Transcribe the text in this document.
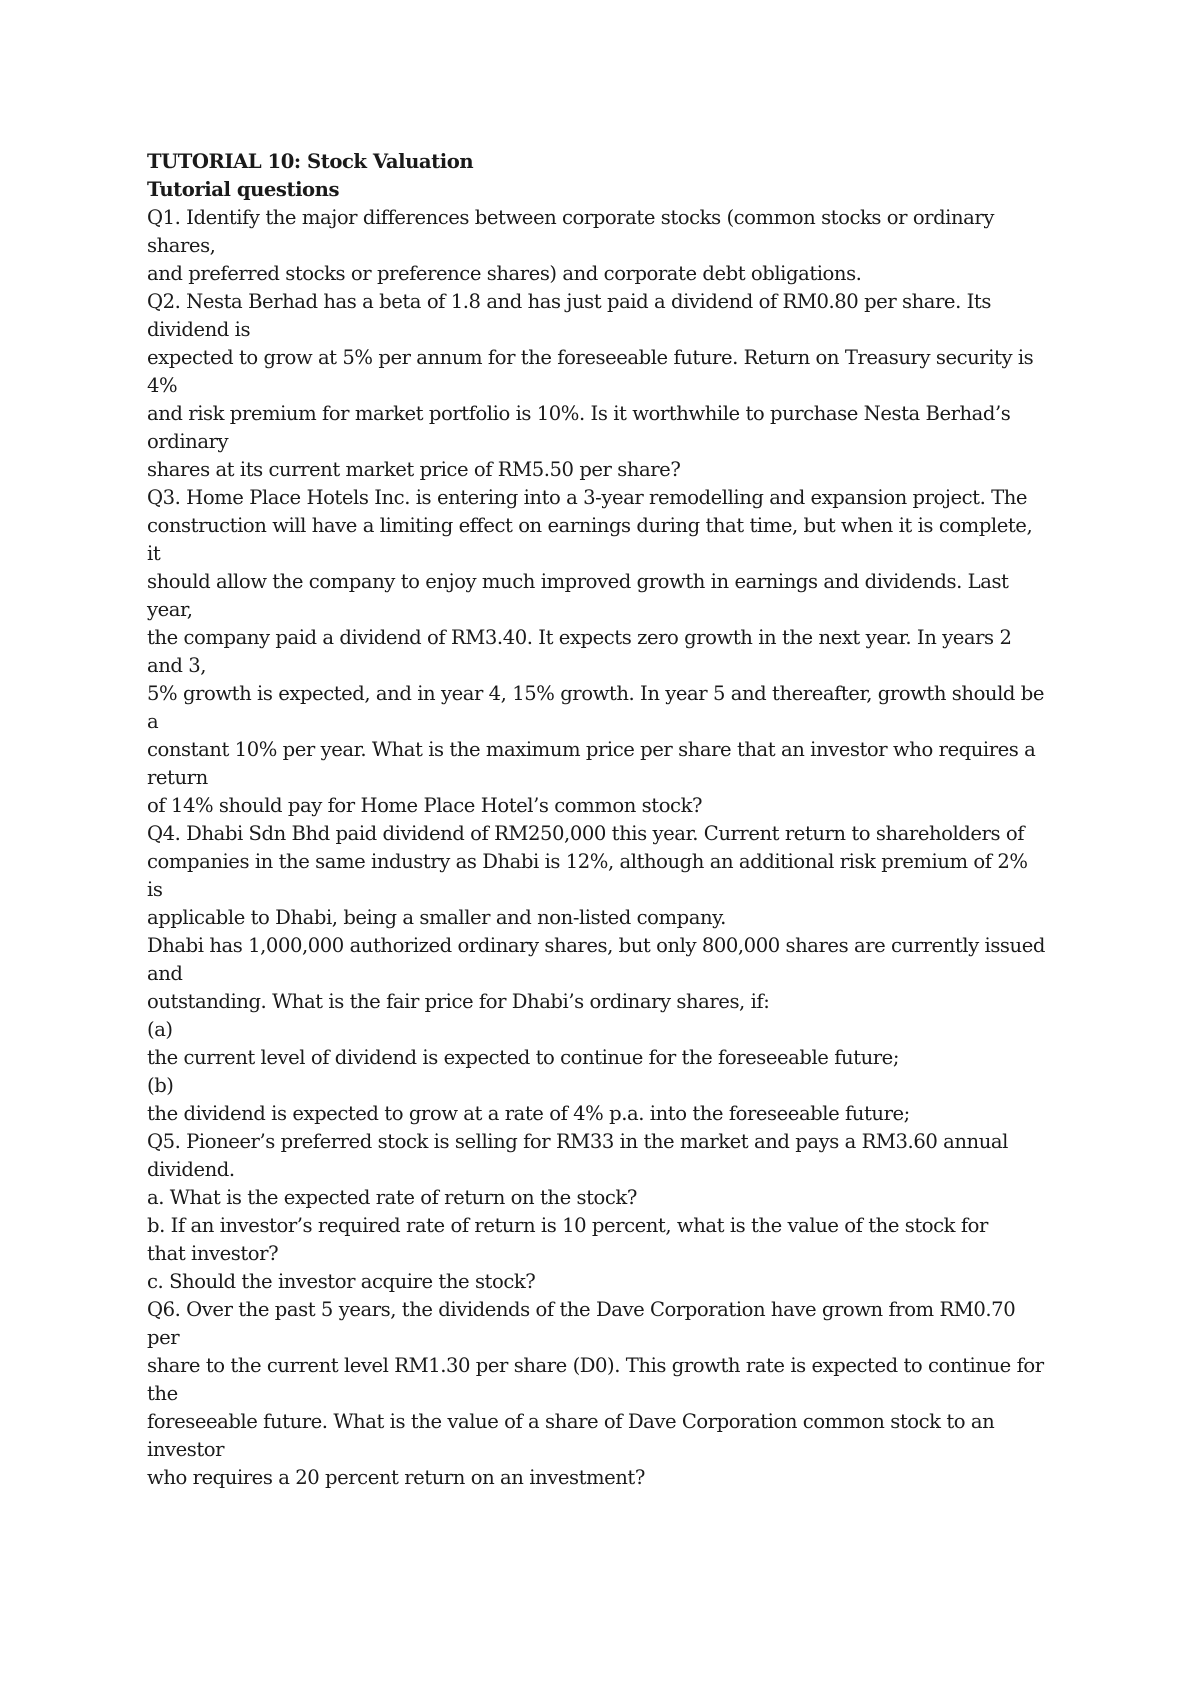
TUTORIAL 10: Stock Valuation
Tutorial questions
Q1. Identify the major differences between corporate stocks (common stocks or ordinary
shares,
and preferred stocks or preference shares) and corporate debt obligations.
Q2. Nesta Berhad has a beta of 1.8 and has just paid a dividend of RM0.80 per share. Its
dividend is
expected to grow at 5% per annum for the foreseeable future. Return on Treasury security is
4%
and risk premium for market portfolio is 10%. Is it worthwhile to purchase Nesta Berhad’s
ordinary
shares at its current market price of RM5.50 per share?
Q3. Home Place Hotels Inc. is entering into a 3-year remodelling and expansion project. The
construction will have a limiting effect on earnings during that time, but when it is complete,
it
should allow the company to enjoy much improved growth in earnings and dividends. Last
year,
the company paid a dividend of RM3.40. It expects zero growth in the next year. In years 2
and 3,
5% growth is expected, and in year 4, 15% growth. In year 5 and thereafter, growth should be
a
constant 10% per year. What is the maximum price per share that an investor who requires a
return
of 14% should pay for Home Place Hotel’s common stock?
Q4. Dhabi Sdn Bhd paid dividend of RM250,000 this year. Current return to shareholders of
companies in the same industry as Dhabi is 12%, although an additional risk premium of 2%
is
applicable to Dhabi, being a smaller and non-listed company.
Dhabi has 1,000,000 authorized ordinary shares, but only 800,000 shares are currently issued
and
outstanding. What is the fair price for Dhabi’s ordinary shares, if:
(a)
the current level of dividend is expected to continue for the foreseeable future;
(b)
the dividend is expected to grow at a rate of 4% p.a. into the foreseeable future;
Q5. Pioneer’s preferred stock is selling for RM33 in the market and pays a RM3.60 annual
dividend.
a. What is the expected rate of return on the stock?
b. If an investor’s required rate of return is 10 percent, what is the value of the stock for
that investor?
c. Should the investor acquire the stock?
Q6. Over the past 5 years, the dividends of the Dave Corporation have grown from RM0.70
per
share to the current level RM1.30 per share (D0). This growth rate is expected to continue for
the
foreseeable future. What is the value of a share of Dave Corporation common stock to an
investor
who requires a 20 percent return on an investment?
